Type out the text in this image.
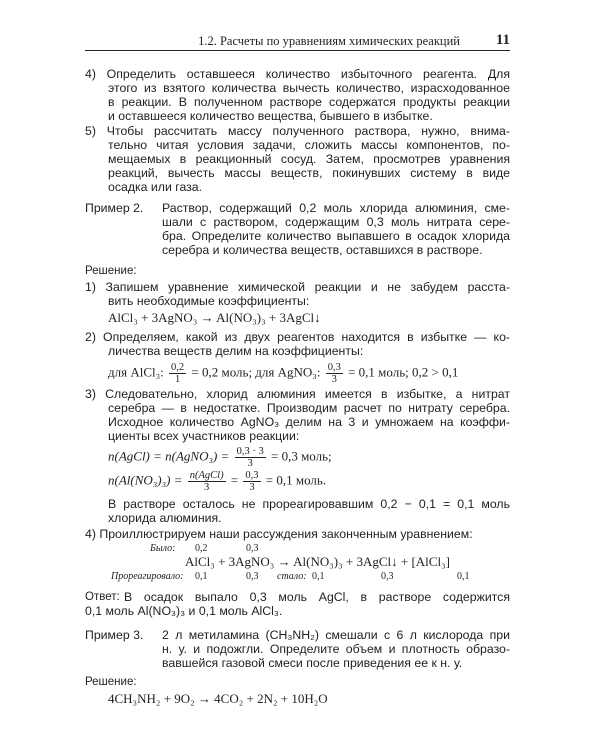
1.2. Расчеты по уравнениям химических реакций 11
4) Определить оставшееся количество избыточного реагента. Для
этого из взятого количества вычесть количество, израсходованное
в реакции. В полученном растворе содержатся продукты реакции
и оставшееся количество вещества, бывшего в избытке.
5) Чтобы рассчитать массу полученного раствора, нужно, внима-
тельно читая условия задачи, сложить массы компонентов, по-
мещаемых в реакционный сосуд. Затем, просмотрев уравнения
реакций, вычесть массы веществ, покинувших систему в виде
осадка или газа.
Пример 2. Раствор, содержащий 0,2 моль хлорида алюминия, сме-
шали с раствором, содержащим 0,3 моль нитрата сере-
бра. Определите количество выпавшего в осадок хлорида
серебра и количества веществ, оставшихся в растворе.
Решение:
1) Запишем уравнение химической реакции и не забудем расста-
вить необходимые коэффициенты:
AlCl₃ + 3AgNO₃ → Al(NO₃)₃ + 3AgCl↓
2) Определяем, какой из двух реагентов находится в избытке — ко-
личества веществ делим на коэффициенты:
для AlCl₃: $\frac{0,2}{1} = 0,2$ моль; для AgNO₃: $\frac{0,3}{3} = 0,1$ моль; 0,2 > 0,1
3) Следовательно, хлорид алюминия имеется в избытке, а нитрат
серебра — в недостатке. Производим расчет по нитрату серебра.
Исходное количество AgNO₃ делим на 3 и умножаем на коэффи-
циенты всех участников реакции:
n(AgCl) = n(AgNO₃) = $\frac{0,3 \cdot 3}{3} = 0,3$ моль;
$n(Al(NO_3)_3) = \frac{\text{n(AgCl)}}{3} = \frac{0,3}{3} = 0,1$ моль.
В растворе осталось не прореагировавшим 0,2 − 0,1 = 0,1 моль
хлорида алюминия.
4) Проиллюстрируем наши рассуждения законченным уравнением:
Было: 0,2	0,3
AlCl₃ + 3AgNO₃ → Al(NO₃)₃ + 3AgCl↓ + [AlCl₃]
Прореагировало: 0,1	0,3 стало: 0,1	0,3	0,1
Ответ: В осадок выпало 0,3 моль AgCl, в растворе содержится
0,1 моль Al(NO₃)₃ и 0,1 моль AlCl₃.
Пример 3. 2 л метиламина (CH₃NH₂) смешали с 6 л кислорода при
н. у. и подожгли. Определите объем и плотность образо-
вавшейся газовой смеси после приведения ее к н. у.
Решение:
4CH₃NH₂ + 9O₂ → 4CO₂ + 2N₂ + 10H₂O
